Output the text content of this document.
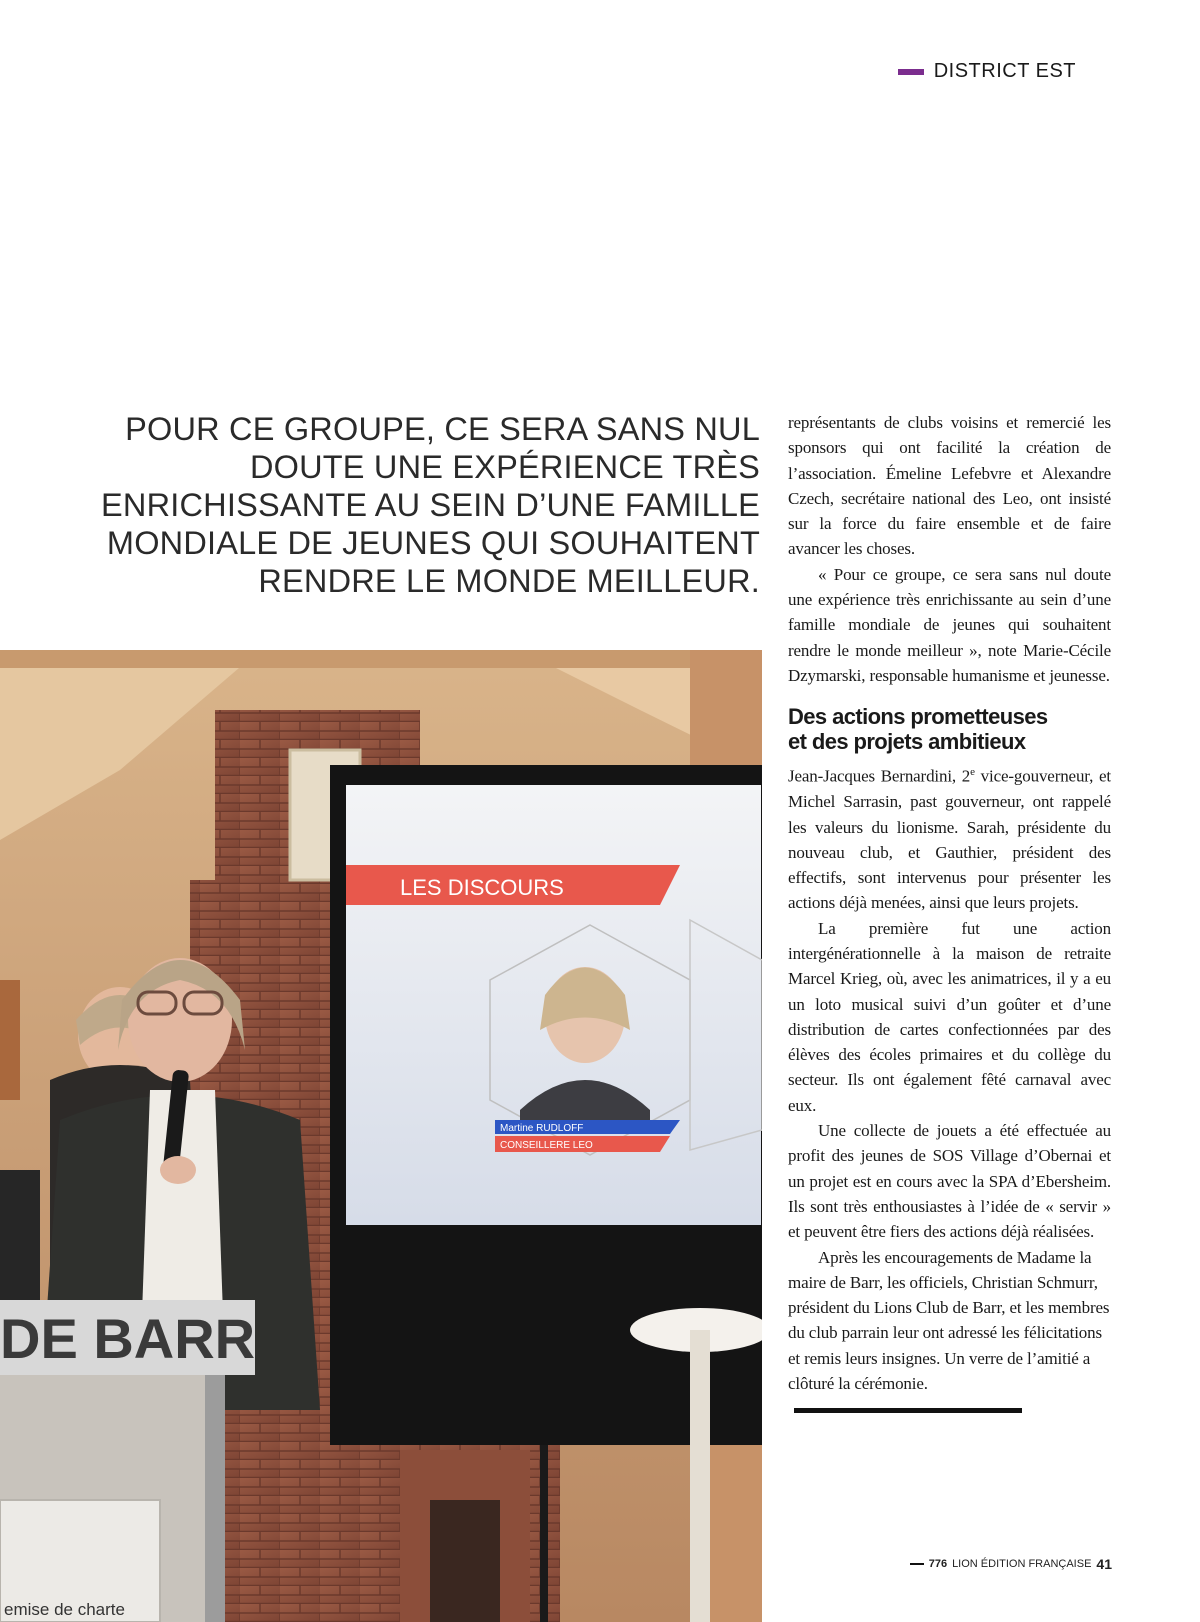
DISTRICT EST
POUR CE GROUPE, CE SERA SANS NUL DOUTE UNE EXPÉRIENCE TRÈS ENRICHISSANTE AU SEIN D’UNE FAMILLE MONDIALE DE JEUNES QUI SOUHAITENT RENDRE LE MONDE MEILLEUR.
LES DISCOURS
Martine RUDLOFF
CONSEILLERE LEO
DE BARR
emise de charte

représentants de clubs voisins et remercié les sponsors qui ont facilité la création de l’association. Émeline Lefebvre et Alexandre Czech, secrétaire national des Leo, ont insisté sur la force du faire ensemble et de faire avancer les choses.

« Pour ce groupe, ce sera sans nul doute une expérience très enrichissante au sein d’une famille mondiale de jeunes qui souhaitent rendre le monde meilleur », note Marie-Cécile Dzymarski, responsable humanisme et jeunesse.

Des actions prometteuses
et des projets ambitieux

Jean-Jacques Bernardini, 2e vice-gouverneur, et Michel Sarrasin, past gouverneur, ont rappelé les valeurs du lionisme. Sarah, présidente du nouveau club, et Gauthier, président des effectifs, sont intervenus pour présenter les actions déjà menées, ainsi que leurs projets.

La première fut une action intergénérationnelle à la maison de retraite Marcel Krieg, où, avec les animatrices, il y a eu un loto musical suivi d’un goûter et d’une distribution de cartes confectionnées par des élèves des écoles primaires et du collège du secteur. Ils ont également fêté carnaval avec eux.

Une collecte de jouets a été effectuée au profit des jeunes de SOS Village d’Obernai et un projet est en cours avec la SPA d’Ebersheim. Ils sont très enthousiastes à l’idée de « servir » et peuvent être fiers des actions déjà réalisées.

Après les encouragements de Madame la maire de Barr, les officiels, Christian Schmurr, président du Lions Club de Barr, et les membres du club parrain leur ont adressé les félicitations et remis leurs insignes. Un verre de l’amitié a clôturé la cérémonie.

776 LION ÉDITION FRANÇAISE 41
